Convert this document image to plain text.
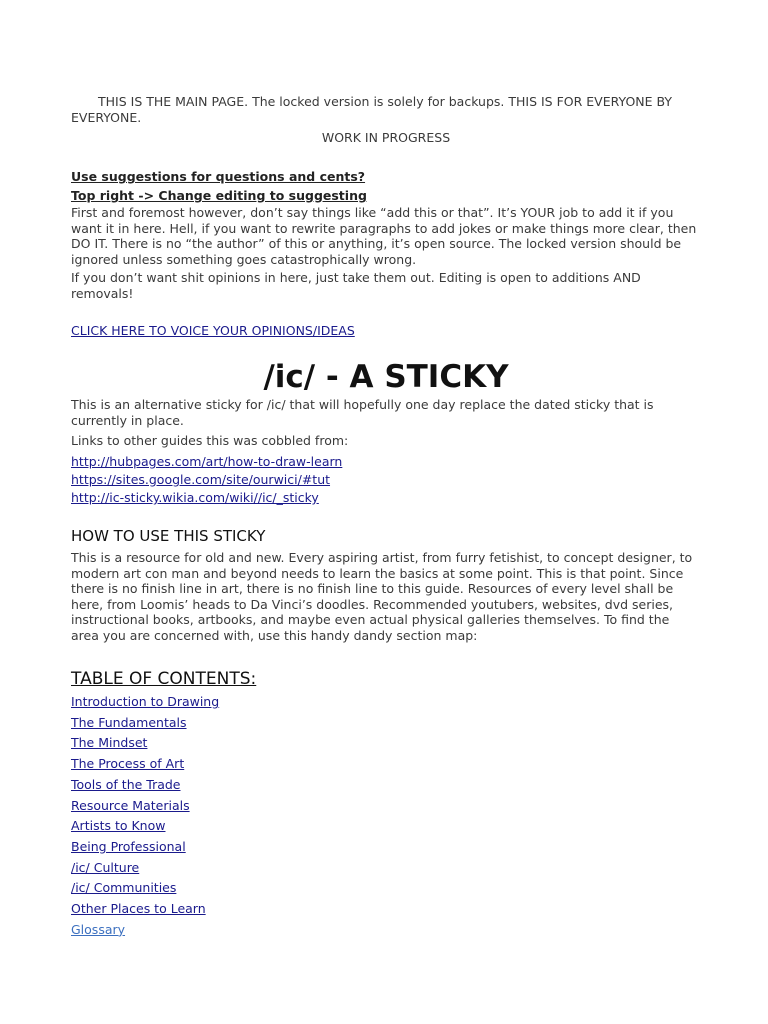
THIS IS THE MAIN PAGE. The locked version is solely for backups. THIS IS FOR EVERYONE BY EVERYONE.

WORK IN PROGRESS

Use suggestions for questions and cents?

Top right -> Change editing to suggesting

First and foremost however, don’t say things like “add this or that”. It’s YOUR job to add it if you want it in here. Hell, if you want to rewrite paragraphs to add jokes or make things more clear, then DO IT. There is no “the author” of this or anything, it’s open source. The locked version should be ignored unless something goes catastrophically wrong.

If you don’t want shit opinions in here, just take them out. Editing is open to additions AND removals!

CLICK HERE TO VOICE YOUR OPINIONS/IDEAS
/ic/ - A STICKY

This is an alternative sticky for /ic/ that will hopefully one day replace the dated sticky that is currently in place.

Links to other guides this was cobbled from:

http://hubpages.com/art/how-to-draw-learn
https://sites.google.com/site/ourwici/#tut
http://ic-sticky.wikia.com/wiki//ic/_sticky
HOW TO USE THIS STICKY

This is a resource for old and new. Every aspiring artist, from furry fetishist, to concept designer, to modern art con man and beyond needs to learn the basics at some point. This is that point. Since there is no finish line in art, there is no finish line to this guide. Resources of every level shall be here, from Loomis’ heads to Da Vinci’s doodles. Recommended youtubers, websites, dvd series, instructional books, artbooks, and maybe even actual physical galleries themselves. To find the area you are concerned with, use this handy dandy section map:

TABLE OF CONTENTS:
Introduction to Drawing
The Fundamentals
The Mindset
The Process of Art
Tools of the Trade
Resource Materials
Artists to Know
Being Professional
/ic/ Culture
/ic/ Communities
Other Places to Learn
Glossary
